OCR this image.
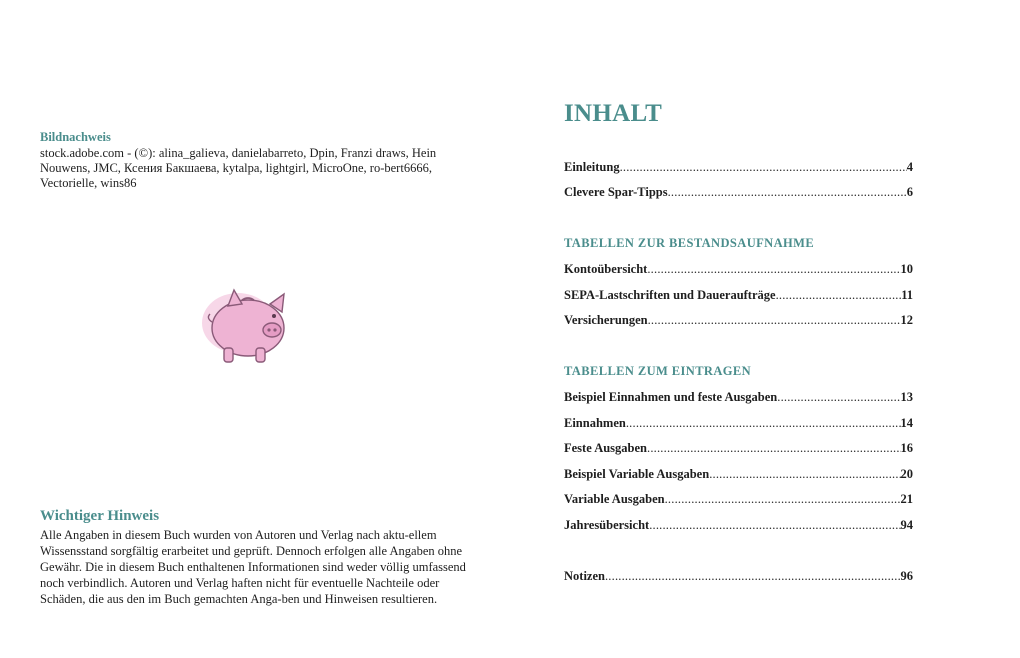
Bildnachweis

stock.adobe.com - (©): alina_galieva, danielabarreto, Dpin, Franzi draws, Hein Nouwens, JMC, Ксения Бакшаева, kytalpa, lightgirl, MicroOne, ro-bert6666, Vectorielle, wins86

Wichtiger Hinweis

Alle Angaben in diesem Buch wurden von Autoren und Verlag nach aktu-ellem Wissensstand sorgfältig erarbeitet und geprüft. Dennoch erfolgen alle Angaben ohne Gewähr. Die in diesem Buch enthaltenen Informationen sind weder völlig umfassend noch verbindlich. Autoren und Verlag haften nicht für eventuelle Nachteile oder Schäden, die aus den im Buch gemachten Anga-ben und Hinweisen resultieren.

INHALT
Einleitung .....	4
Clevere Spar-Tipps .....	6
TABELLEN ZUR BESTANDSAUFNAHME
Kontoübersicht .....	10
SEPA-Lastschriften und Daueraufträge .....	11
Versicherungen .....	12
TABELLEN ZUM EINTRAGEN
Beispiel Einnahmen und feste Ausgaben .....	13
Einnahmen .....	14
Feste Ausgaben .....	16
Beispiel Variable Ausgaben .....	20
Variable Ausgaben .....	21
Jahresübersicht .....	94
Notizen .....	96
